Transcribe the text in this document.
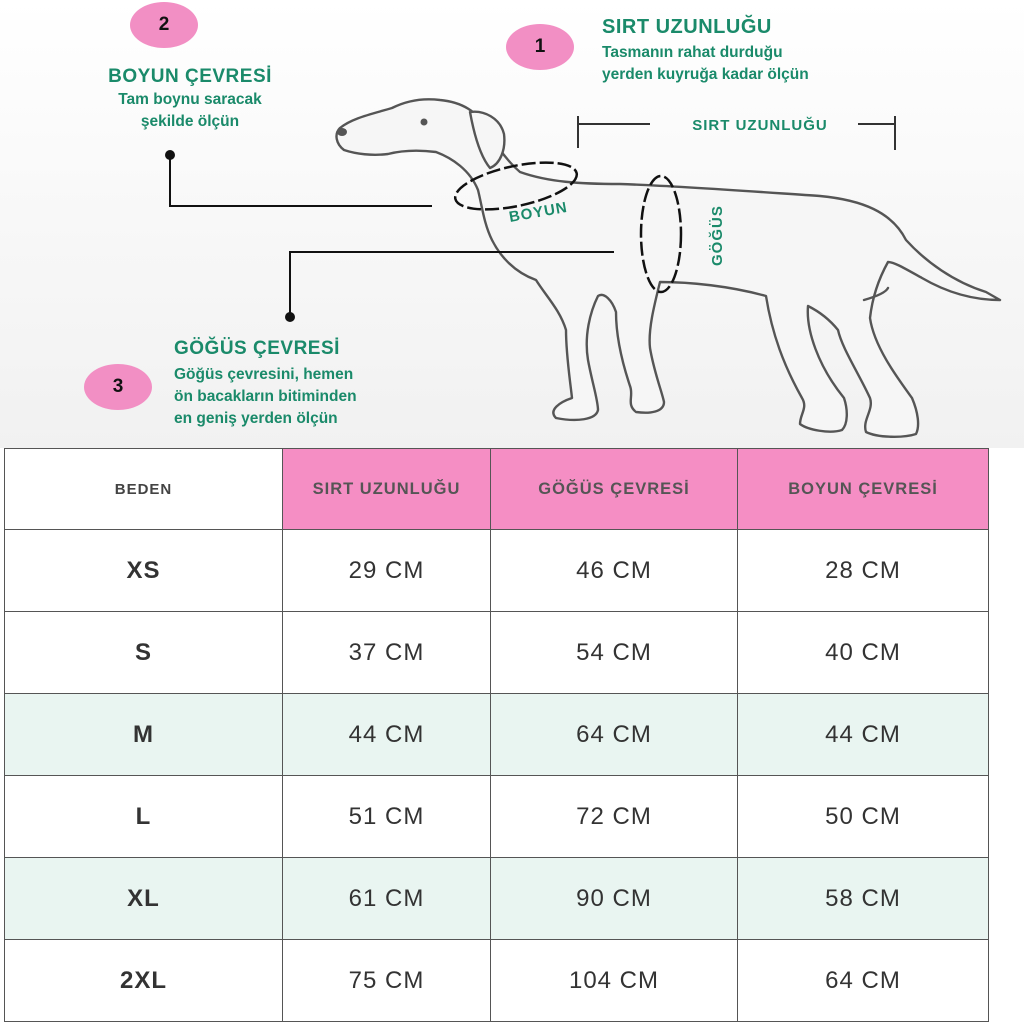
SIRT UZUNLUĞU
BOYUN	GÖĞÜS
1
SIRT UZUNLUĞU
Tasmanın rahat durduğu
yerden kuyruğa kadar ölçün
2
BOYUN ÇEVRESİ
Tam boynu saracak
şekilde ölçün
3
GÖĞÜS ÇEVRESİ
Göğüs çevresini, hemen
ön bacakların bitiminden
en geniş yerden ölçün
BEDEN	SIRT UZUNLUĞU	GÖĞÜS ÇEVRESİ	BOYUN ÇEVRESİ
XS	29 CM	46 CM	28 CM
S	37 CM	54 CM	40 CM
M	44 CM	64 CM	44 CM
L	51 CM	72 CM	50 CM
XL	61 CM	90 CM	58 CM
2XL	75 CM	104 CM	64 CM
